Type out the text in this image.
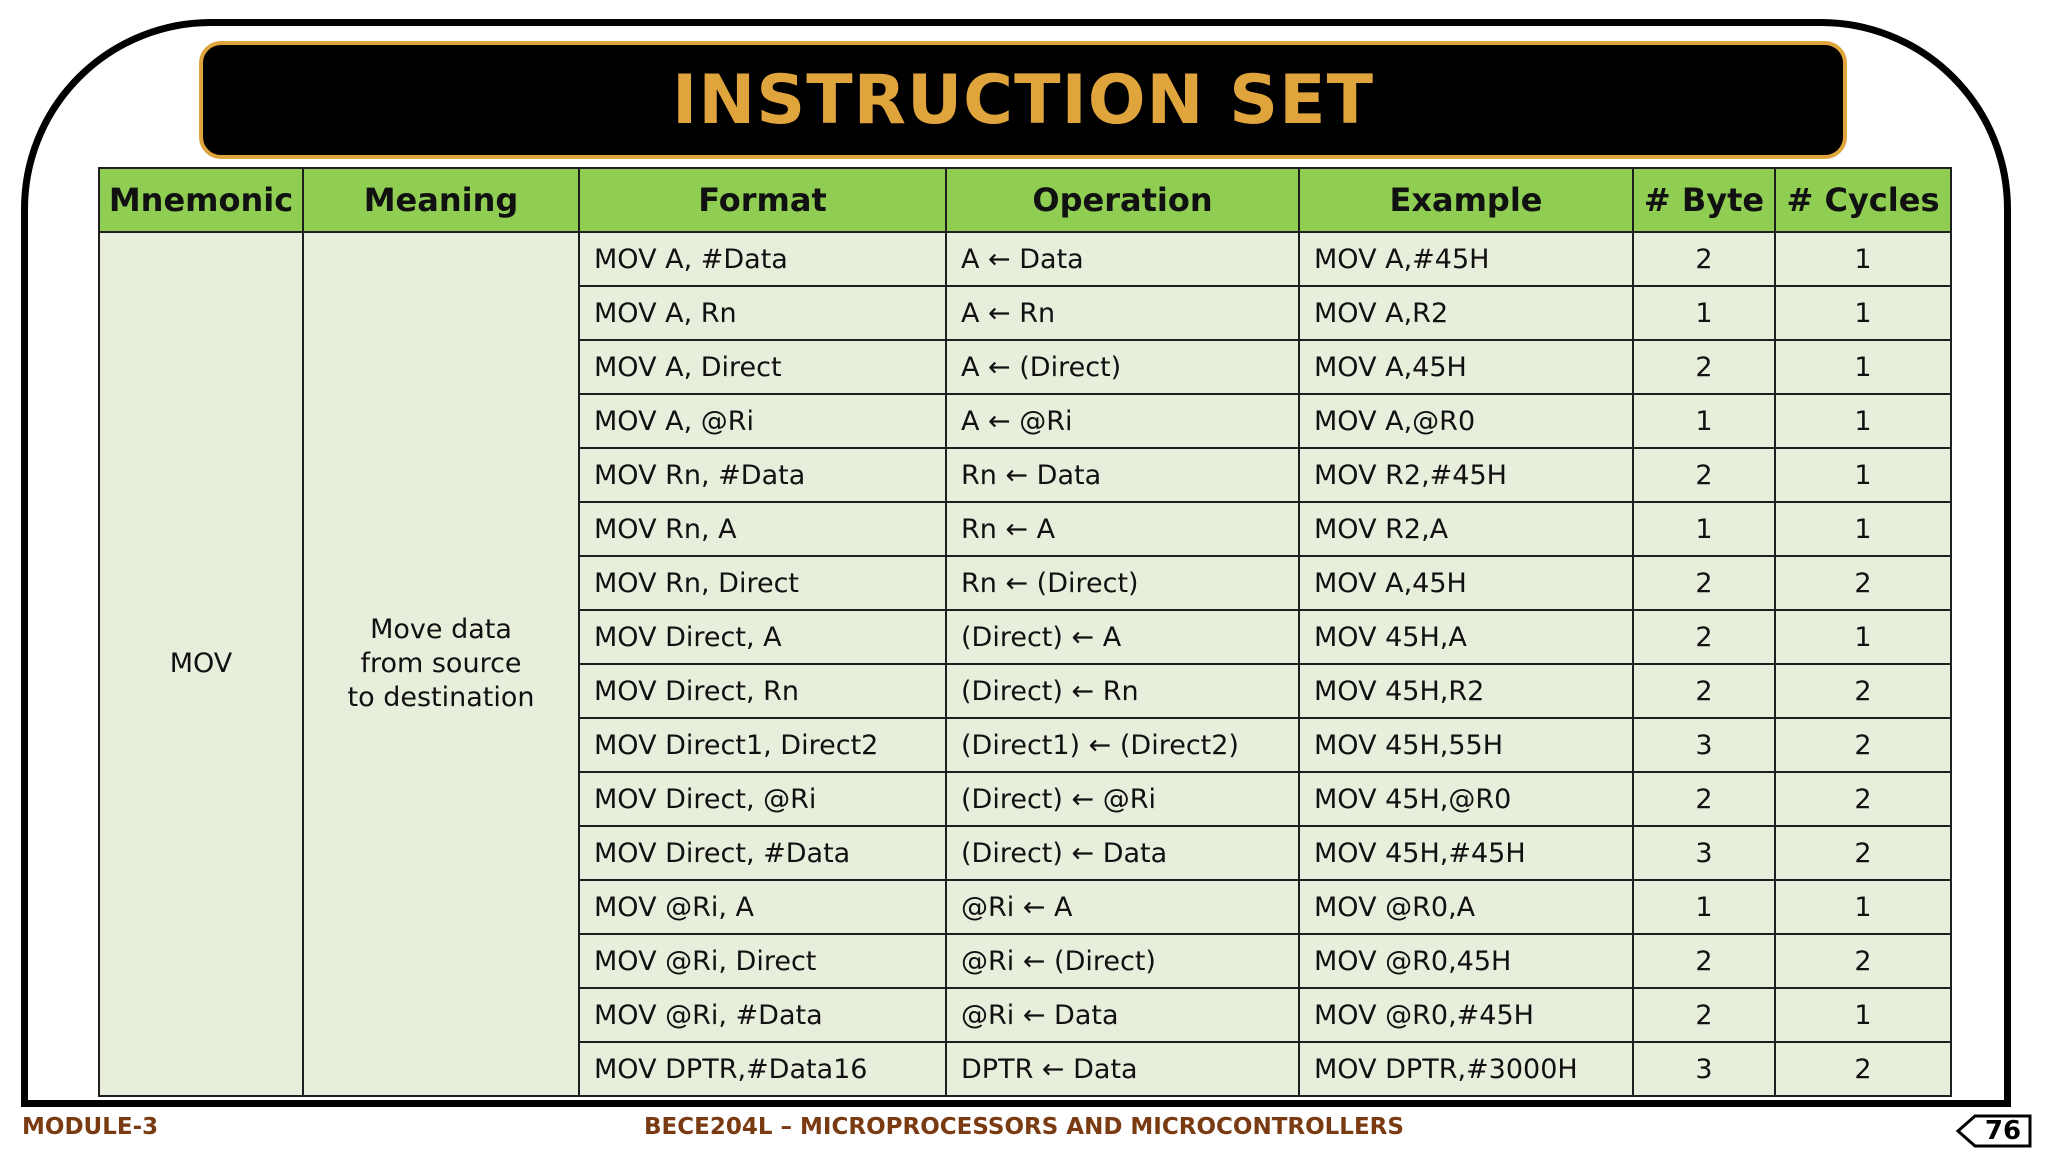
INSTRUCTION SET
Mnemonic	Meaning	Format	Operation	Example	# Byte	# Cycles
MOV	Move data from source to destination	MOV A, #Data	A ← Data	MOV A,#45H	2	1
		MOV A, Rn	A ← Rn	MOV A,R2	1	1
		MOV A, Direct	A ← (Direct)	MOV A,45H	2	1
		MOV A, @Ri	A ← @Ri	MOV A,@R0	1	1
		MOV Rn, #Data	Rn ← Data	MOV R2,#45H	2	1
		MOV Rn, A	Rn ← A	MOV R2,A	1	1
		MOV Rn, Direct	Rn ← (Direct)	MOV A,45H	2	2
		MOV Direct, A	(Direct) ← A	MOV 45H,A	2	1
		MOV Direct, Rn	(Direct) ← Rn	MOV 45H,R2	2	2
		MOV Direct1, Direct2	(Direct1) ← (Direct2)	MOV 45H,55H	3	2
		MOV Direct, @Ri	(Direct) ← @Ri	MOV 45H,@R0	2	2
		MOV Direct, #Data	(Direct) ← Data	MOV 45H,#45H	3	2
		MOV @Ri, A	@Ri ← A	MOV @R0,A	1	1
		MOV @Ri, Direct	@Ri ← (Direct)	MOV @R0,45H	2	2
		MOV @Ri, #Data	@Ri ← Data	MOV @R0,#45H	2	1
		MOV DPTR,#Data16	DPTR ← Data	MOV DPTR,#3000H	3	2
MODULE-3	BECE204L – MICROPROCESSORS AND MICROCONTROLLERS	76
